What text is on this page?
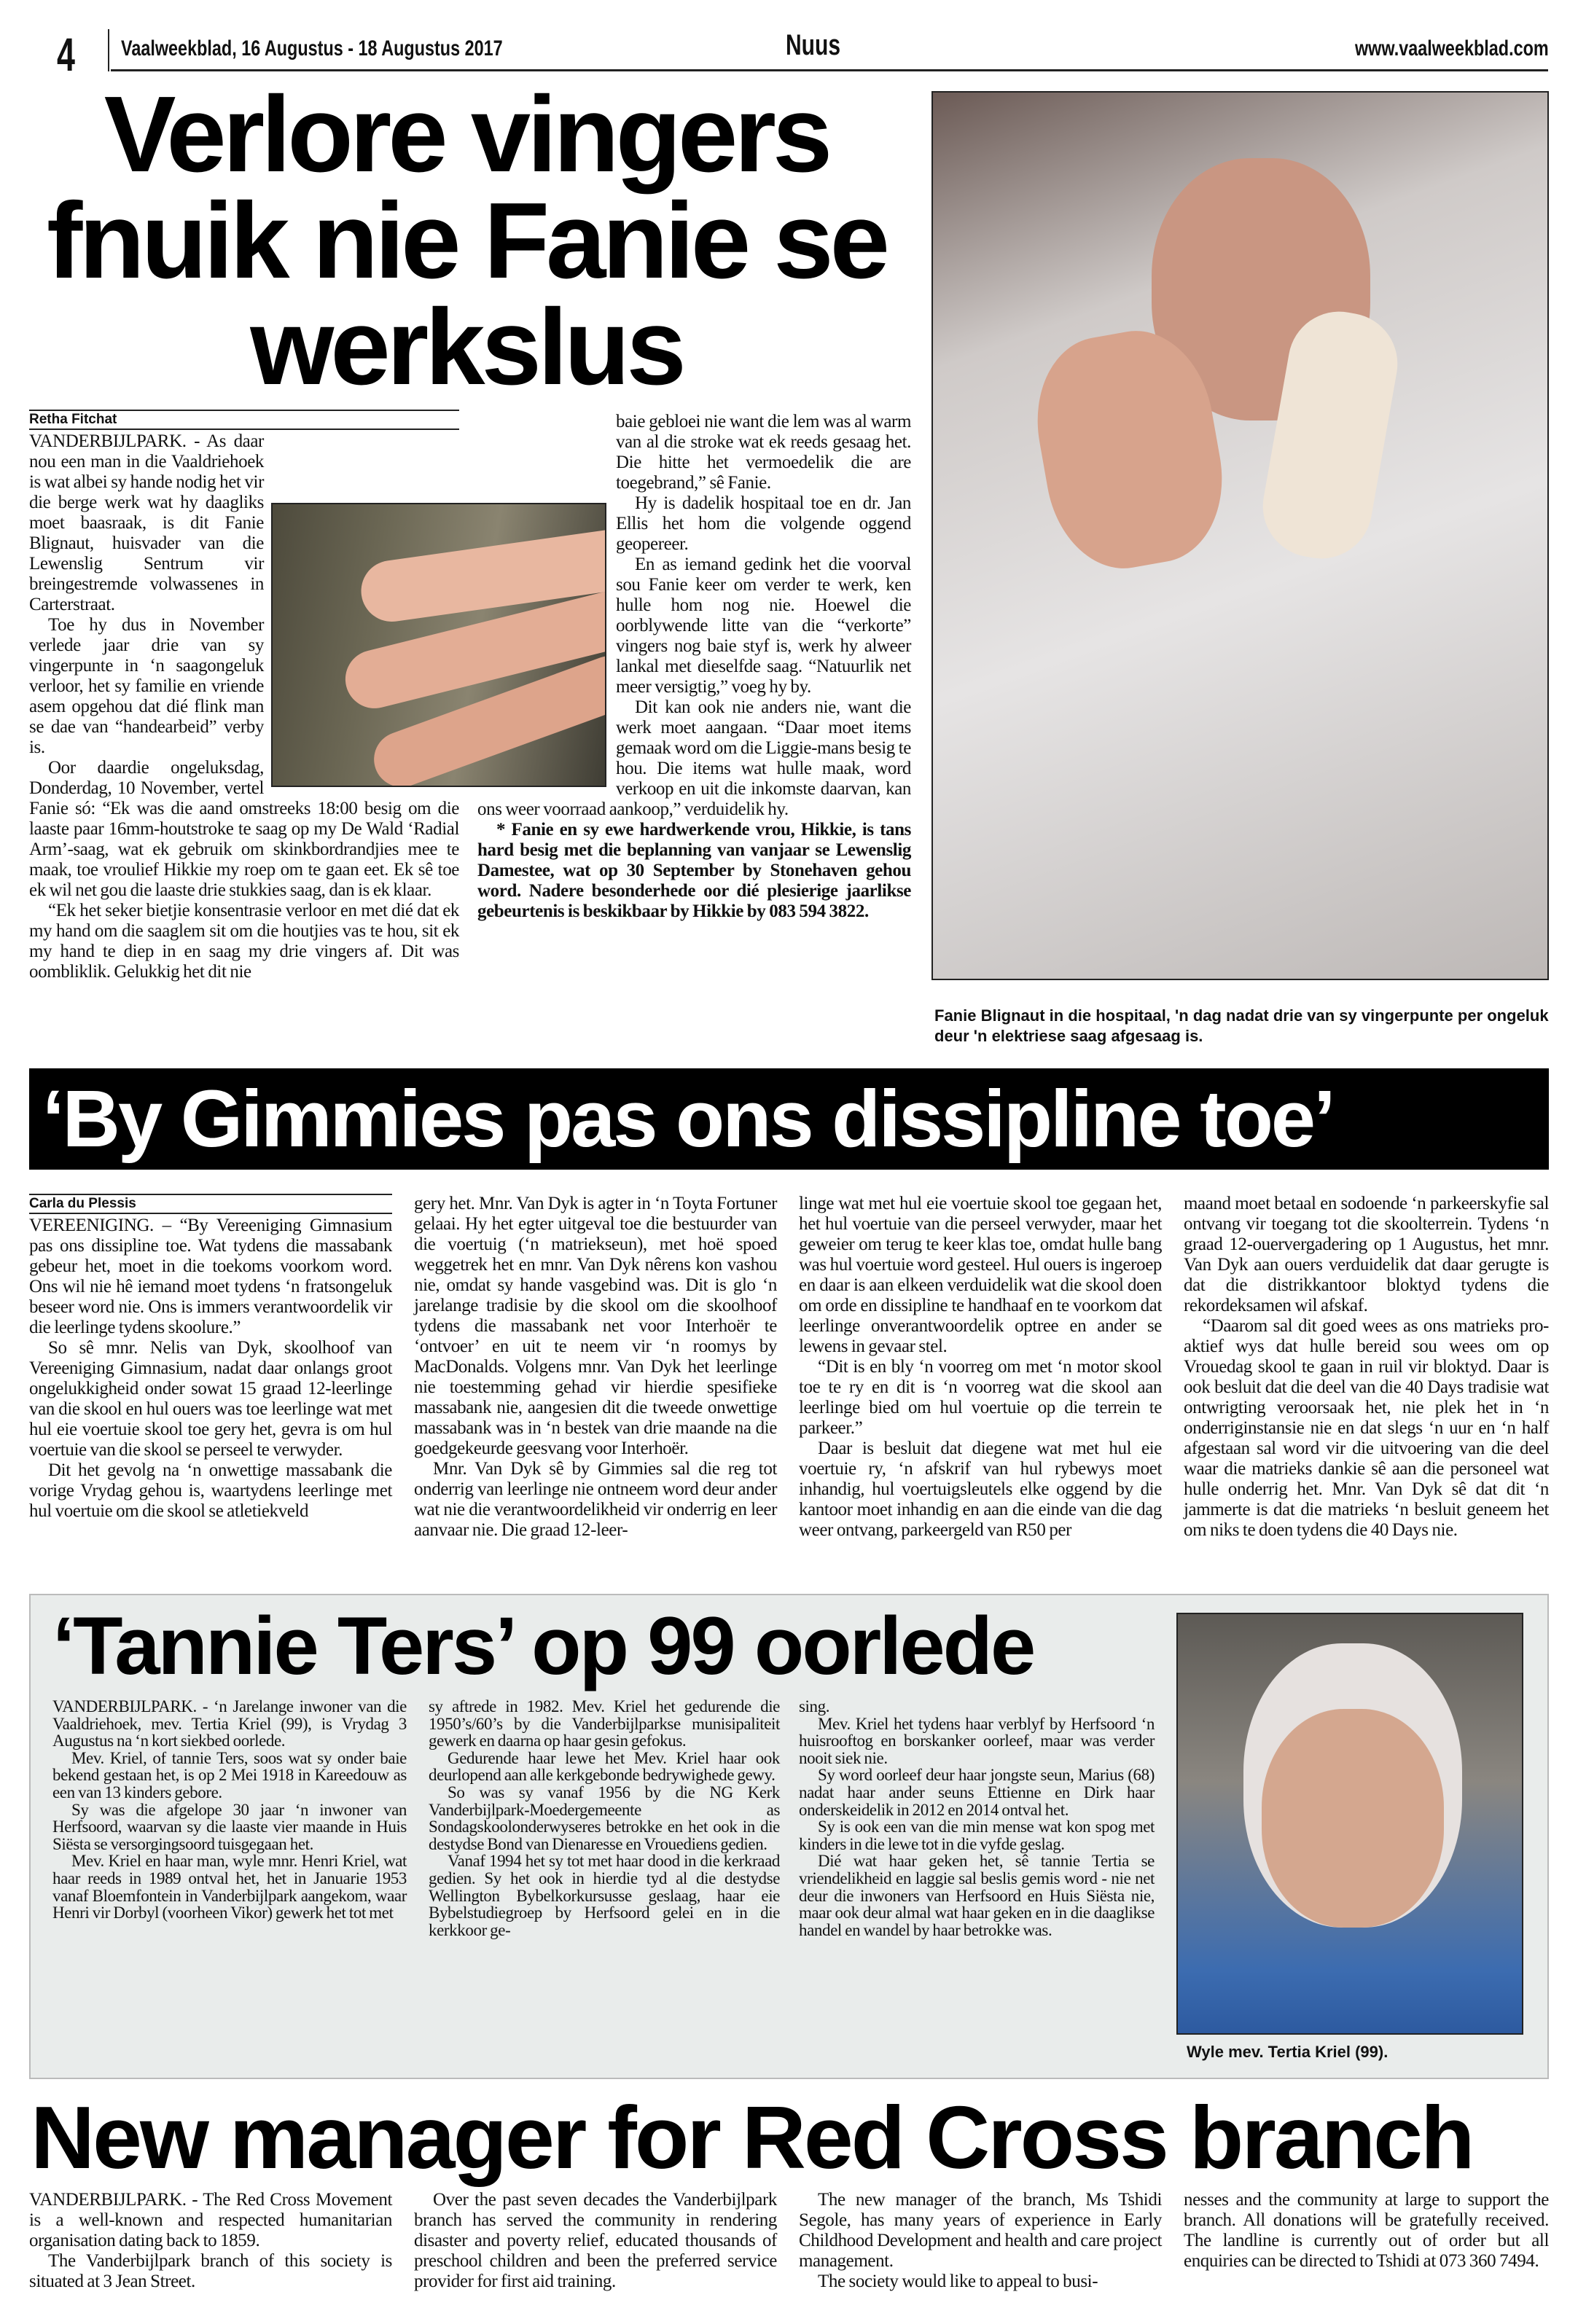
4 Vaalweekblad, 16 Augustus - 18 Augustus 2017	Nuus	www.vaalweekblad.com
‘By Gimmies pas ons dissipline toe’
Verlore vingers
fnuik nie Fanie se
werkslus
Retha Fitchat

VANDERBIJLPARK. - As daar nou een man in die Vaaldriehoek is wat albei sy hande nodig het vir die berge werk wat hy daagliks moet baasraak, is dit Fanie Blignaut, huisvader van die Lewenslig Sentrum vir breingestremde volwassenes in Carterstraat.

Toe hy dus in November verlede jaar drie van sy vingerpunte in ‘n saagongeluk verloor, het sy familie en vriende asem opgehou dat dié flink man se dae van “handearbeid” verby is.

Oor daardie ongeluksdag, Donderdag, 10 November, vertel Fanie só: “Ek was die aand omstreeks 18:00 besig om die laaste paar 16mm-houtstroke te saag op my De Wald ‘Radial Arm’-saag, wat ek gebruik om skinkbordrandjies mee te maak, toe vroulief Hikkie my roep om te gaan eet. Ek sê toe ek wil net gou die laaste drie stukkies saag, dan is ek klaar.

“Ek het seker bietjie konsentrasie verloor en met dié dat ek my hand om die saaglem sit om die houtjies vas te hou, sit ek my hand te diep in en saag my drie vingers af. Dit was oombliklik. Gelukkig het dit nie

baie gebloei nie want die lem was al warm van al die stroke wat ek reeds gesaag het. Die hitte het vermoedelik die are toegebrand,” sê Fanie.

Hy is dadelik hospitaal toe en dr. Jan Ellis het hom die volgende oggend geopereer.

En as iemand gedink het die voorval sou Fanie keer om verder te werk, ken hulle hom nog nie. Hoewel die oorblywende litte van die “verkorte” vingers nog baie styf is, werk hy alweer lankal met dieselfde saag. “Natuurlik net meer versigtig,” voeg hy by.

Dit kan ook nie anders nie, want die werk moet aangaan. “Daar moet items gemaak word om die Liggie-mans besig te hou. Die items wat hulle maak, word verkoop en uit die inkomste daarvan, kan ons weer voorraad aankoop,” verduidelik hy.

* Fanie en sy ewe hardwerkende vrou, Hikkie, is tans hard besig met die beplanning van vanjaar se Lewenslig Damestee, wat op 30 September by Stonehaven gehou word. Nadere besonderhede oor dié plesierige jaarlikse gebeurtenis is beskikbaar by Hikkie by 083 594 3822.

Fanie Blignaut in die hospitaal, 'n dag nadat drie van sy vingerpunte per ongeluk deur 'n elektriese saag afgesaag is.
Carla du Plessis

VEREENIGING. – “By Vereeniging Gimnasium pas ons dissipline toe. Wat tydens die massabank gebeur het, moet in die toekoms voorkom word. Ons wil nie hê iemand moet tydens ‘n fratsongeluk beseer word nie. Ons is immers verantwoordelik vir die leerlinge tydens skoolure.”

So sê mnr. Nelis van Dyk, skoolhoof van Vereeniging Gimnasium, nadat daar onlangs groot ongelukkigheid onder sowat 15 graad 12-leerlinge van die skool en hul ouers was toe leerlinge wat met hul eie voertuie skool toe gery het, gevra is om hul voertuie van die skool se perseel te verwyder.

Dit het gevolg na ‘n onwettige massabank die vorige Vrydag gehou is, waartydens leerlinge met hul voertuie om die skool se atletiekveld

gery het. Mnr. Van Dyk is agter in ‘n Toyta Fortuner gelaai. Hy het egter uitgeval toe die bestuurder van die voertuig (‘n matriekseun), met hoë spoed weggetrek het en mnr. Van Dyk nêrens kon vashou nie, omdat sy hande vasgebind was. Dit is glo ‘n jarelange tradisie by die skool om die skoolhoof tydens die massabank net voor Interhoër te ‘ontvoer’ en uit te neem vir ‘n roomys by MacDonalds. Volgens mnr. Van Dyk het leerlinge nie toestemming gehad vir hierdie spesifieke massabank nie, aangesien dit die tweede onwettige massabank was in ‘n bestek van drie maande na die goedgekeurde geesvang voor Interhoër.

Mnr. Van Dyk sê by Gimmies sal die reg tot onderrig van leerlinge nie ontneem word deur ander wat nie die verantwoordelikheid vir onderrig en leer aanvaar nie. Die graad 12-leer-

linge wat met hul eie voertuie skool toe gegaan het, het hul voertuie van die perseel verwyder, maar het geweier om terug te keer klas toe, omdat hulle bang was hul voertuie word gesteel. Hul ouers is ingeroep en daar is aan elkeen verduidelik wat die skool doen om orde en dissipline te handhaaf en te voorkom dat leerlinge onverantwoordelik optree en ander se lewens in gevaar stel.

“Dit is en bly ‘n voorreg om met ‘n motor skool toe te ry en dit is ‘n voorreg wat die skool aan leerlinge bied om hul voertuie op die terrein te parkeer.”

Daar is besluit dat diegene wat met hul eie voertuie ry, ‘n afskrif van hul rybewys moet inhandig, hul voertuigsleutels elke oggend by die kantoor moet inhandig en aan die einde van die dag weer ontvang, parkeergeld van R50 per

maand moet betaal en sodoende ‘n parkeerskyfie sal ontvang vir toegang tot die skoolterrein. Tydens ‘n graad 12-ouervergadering op 1 Augustus, het mnr. Van Dyk aan ouers verduidelik dat daar gerugte is dat die distrikkantoor bloktyd tydens die rekordeksamen wil afskaf.

“Daarom sal dit goed wees as ons matrieks pro-aktief wys dat hulle bereid sou wees om op Vrouedag skool te gaan in ruil vir bloktyd. Daar is ook besluit dat die deel van die 40 Days tradisie wat ontwrigting veroorsaak het, nie plek het in ‘n onderriginstansie nie en dat slegs ‘n uur en ‘n half afgestaan sal word vir die uitvoering van die deel waar die matrieks dankie sê aan die personeel wat hulle onderrig het. Mnr. Van Dyk sê dat dit ‘n jammerte is dat die matrieks ‘n besluit geneem het om niks te doen tydens die 40 Days nie.

‘Tannie Ters’ op 99 oorlede

VANDERBIJLPARK. - ‘n Jarelange inwoner van die Vaaldriehoek, mev. Tertia Kriel (99), is Vrydag 3 Augustus na ‘n kort siekbed oorlede.

Mev. Kriel, of tannie Ters, soos wat sy onder baie bekend gestaan het, is op 2 Mei 1918 in Kareedouw as een van 13 kinders gebore.

Sy was die afgelope 30 jaar ‘n inwoner van Herfsoord, waarvan sy die laaste vier maande in Huis Siësta se versorgingsoord tuisgegaan het.

Mev. Kriel en haar man, wyle mnr. Henri Kriel, wat haar reeds in 1989 ontval het, het in Januarie 1953 vanaf Bloemfontein in Vanderbijlpark aangekom, waar Henri vir Dorbyl (voorheen Vikor) gewerk het tot met

sy aftrede in 1982. Mev. Kriel het gedurende die 1950’s/60’s by die Vanderbijlparkse munisipaliteit gewerk en daarna op haar gesin gefokus.

Gedurende haar lewe het Mev. Kriel haar ook deurlopend aan alle kerkgebonde bedrywighede gewy.

So was sy vanaf 1956 by die NG Kerk Vanderbijlpark-Moedergemeente as Sondagskoolonderwyseres betrokke en het ook in die destydse Bond van Dienaresse en Vrouediens gedien.

Vanaf 1994 het sy tot met haar dood in die kerkraad gedien. Sy het ook in hierdie tyd al die destydse Wellington Bybelkorkursusse geslaag, haar eie Bybelstudiegroep by Herfsoord gelei en in die kerkkoor ge-

sing.

Mev. Kriel het tydens haar verblyf by Herfsoord ‘n huisrooftog en borskanker oorleef, maar was verder nooit siek nie.

Sy word oorleef deur haar jongste seun, Marius (68) nadat haar ander seuns Ettienne en Dirk haar onderskeidelik in 2012 en 2014 ontval het.

Sy is ook een van die min mense wat kon spog met kinders in die lewe tot in die vyfde geslag.

Dié wat haar geken het, sê tannie Tertia se vriendelikheid en laggie sal beslis gemis word - nie net deur die inwoners van Herfsoord en Huis Siësta nie, maar ook deur almal wat haar geken en in die daaglikse handel en wandel by haar betrokke was.

Wyle mev. Tertia Kriel (99).
New manager for Red Cross branch

VANDERBIJLPARK. - The Red Cross Movement is a well-known and respected humanitarian organisation dating back to 1859.

The Vanderbijlpark branch of this society is situated at 3 Jean Street.

Over the past seven decades the Vanderbijlpark branch has served the community in rendering disaster and poverty relief, educated thousands of preschool children and been the preferred service provider for first aid training.

The new manager of the branch, Ms Tshidi Segole, has many years of experience in Early Childhood Development and health and care project management.

The society would like to appeal to busi-

nesses and the community at large to support the branch. All donations will be gratefully received. The landline is currently out of order but all enquiries can be directed to Tshidi at 073 360 7494.
